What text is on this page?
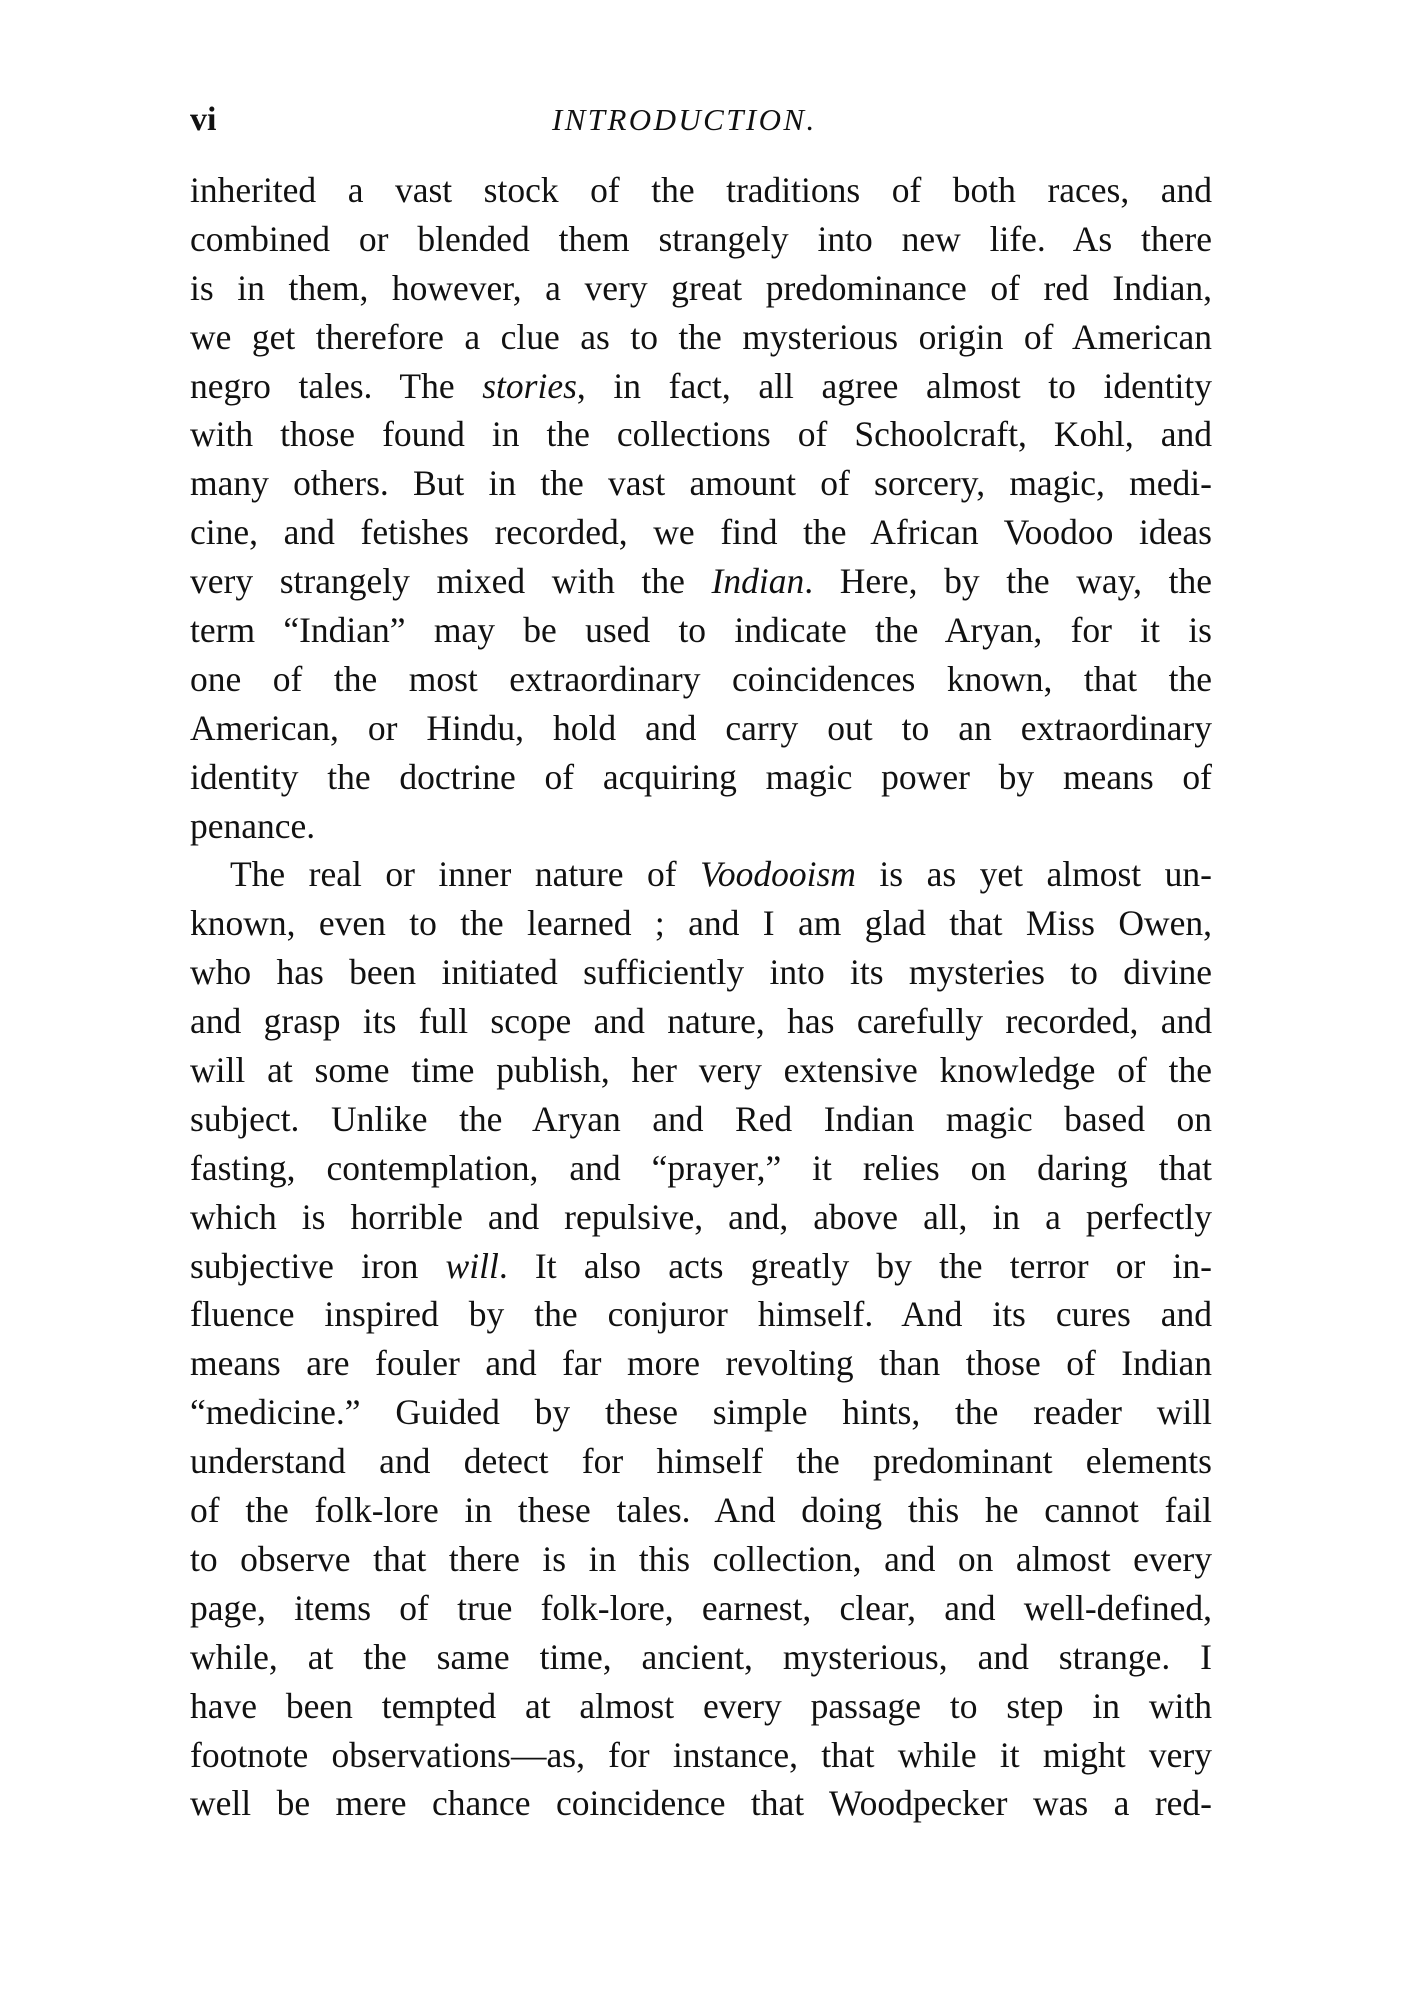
vi	INTRODUCTION.
inherited a vast stock of the traditions of both races, and
combined or blended them strangely into new life. As there
is in them, however, a very great predominance of red Indian,
we get therefore a clue as to the mysterious origin of American
negro tales. The stories, in fact, all agree almost to identity
with those found in the collections of Schoolcraft, Kohl, and
many others. But in the vast amount of sorcery, magic, medi-
cine, and fetishes recorded, we find the African Voodoo ideas
very strangely mixed with the Indian. Here, by the way, the
term “Indian” may be used to indicate the Aryan, for it is
one of the most extraordinary coincidences known, that the
American, or Hindu, hold and carry out to an extraordinary
identity the doctrine of acquiring magic power by means of
penance.
The real or inner nature of Voodooism is as yet almost un-
known, even to the learned ; and I am glad that Miss Owen,
who has been initiated sufficiently into its mysteries to divine
and grasp its full scope and nature, has carefully recorded, and
will at some time publish, her very extensive knowledge of the
subject. Unlike the Aryan and Red Indian magic based on
fasting, contemplation, and “prayer,” it relies on daring that
which is horrible and repulsive, and, above all, in a perfectly
subjective iron will. It also acts greatly by the terror or in-
fluence inspired by the conjuror himself. And its cures and
means are fouler and far more revolting than those of Indian
“medicine.” Guided by these simple hints, the reader will
understand and detect for himself the predominant elements
of the folk-lore in these tales. And doing this he cannot fail
to observe that there is in this collection, and on almost every
page, items of true folk-lore, earnest, clear, and well-defined,
while, at the same time, ancient, mysterious, and strange. I
have been tempted at almost every passage to step in with
footnote observations—as, for instance, that while it might very
well be mere chance coincidence that Woodpecker was a red-
